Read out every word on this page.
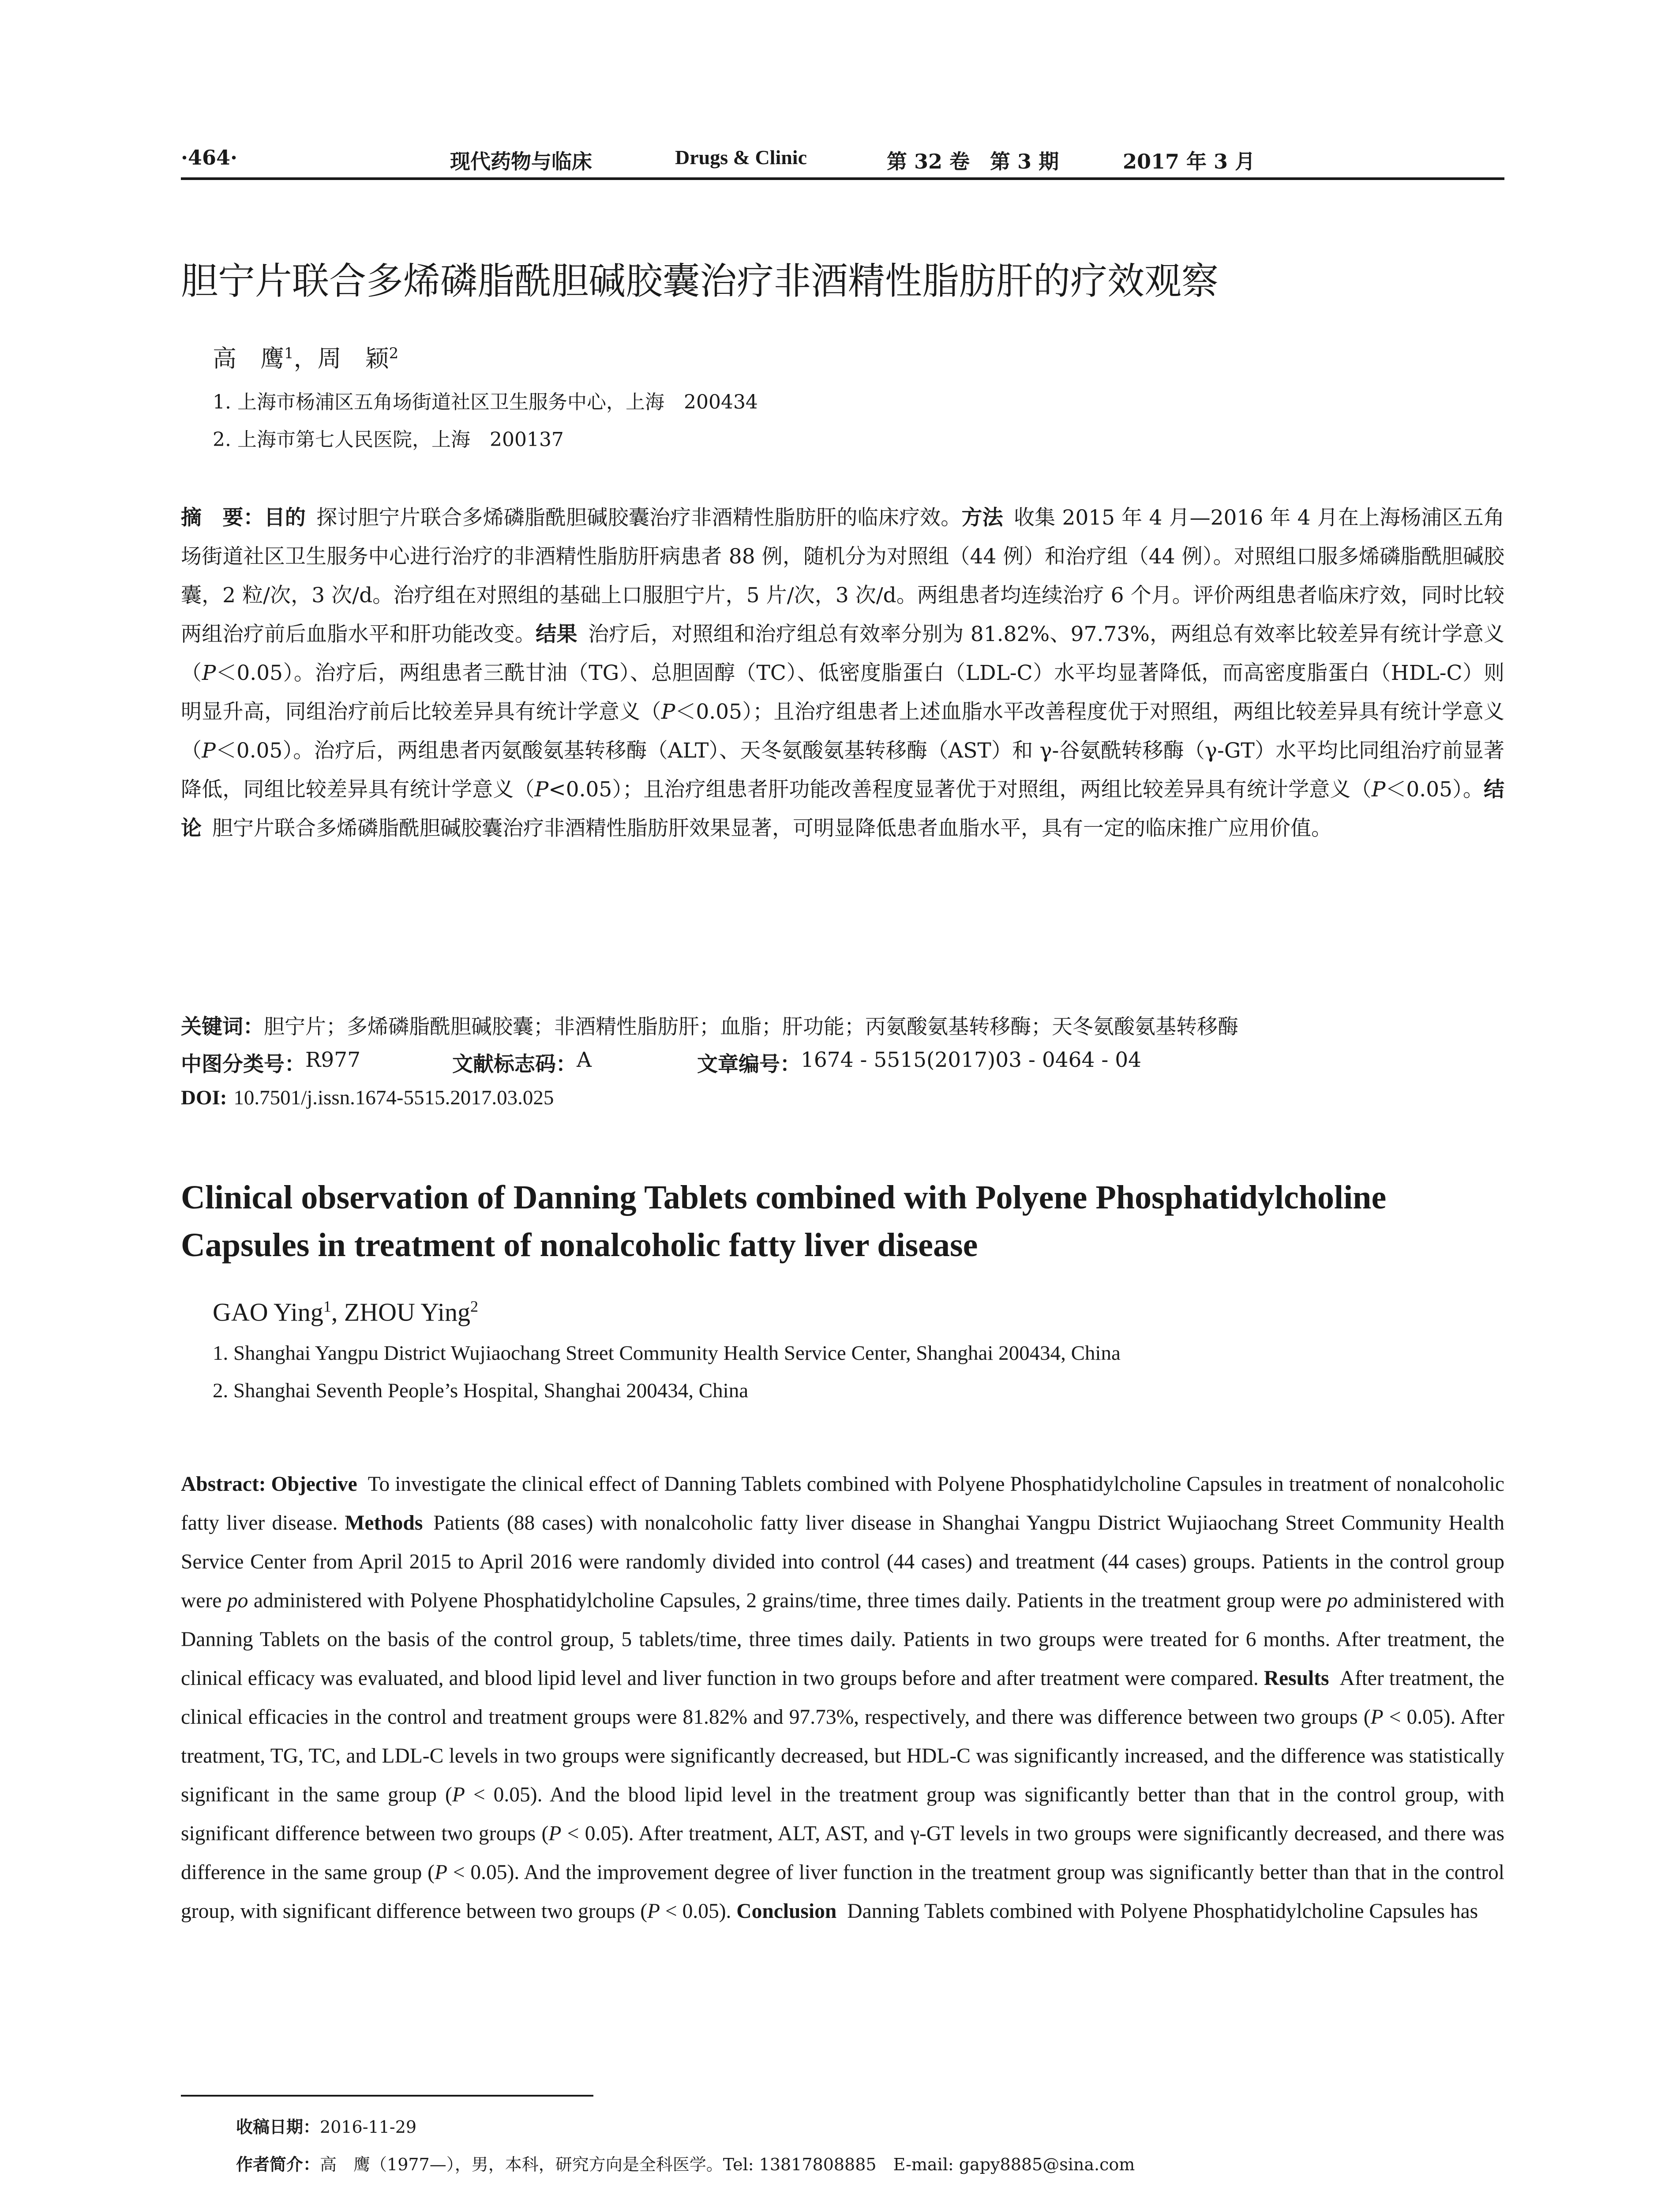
·464·	现代药物与临床	Drugs & Clinic	第 32 卷　第 3 期	2017 年 3 月
胆宁片联合多烯磷脂酰胆碱胶囊治疗非酒精性脂肪肝的疗效观察
高　鹰$^1$，周　颖$^2$
1. 上海市杨浦区五角场街道社区卫生服务中心，上海　200434
2. 上海市第七人民医院，上海　200137
摘　要：目的 探讨胆宁片联合多烯磷脂酰胆碱胶囊治疗非酒精性脂肪肝的临床疗效。方法 收集 2015 年 4 月—2016 年 4 月在上海杨浦区五角场街道社区卫生服务中心进行治疗的非酒精性脂肪肝病患者 88 例，随机分为对照组（44 例）和治疗组（44 例）。对照组口服多烯磷脂酰胆碱胶囊，2 粒/次，3 次/d。治疗组在对照组的基础上口服胆宁片，5 片/次，3 次/d。两组患者均连续治疗 6 个月。评价两组患者临床疗效，同时比较两组治疗前后血脂水平和肝功能改变。结果 治疗后，对照组和治疗组总有效率分别为 81.82%、97.73%，两组总有效率比较差异有统计学意义（P＜0.05）。治疗后，两组患者三酰甘油（TG）、总胆固醇（TC）、低密度脂蛋白（LDL-C）水平均显著降低，而高密度脂蛋白（HDL-C）则明显升高，同组治疗前后比较差异具有统计学意义（P＜0.05）；且治疗组患者上述血脂水平改善程度优于对照组，两组比较差异具有统计学意义（P＜0.05）。治疗后，两组患者丙氨酸氨基转移酶（ALT）、天冬氨酸氨基转移酶（AST）和 γ-谷氨酰转移酶（γ-GT）水平均比同组治疗前显著降低，同组比较差异具有统计学意义（P<0.05）；且治疗组患者肝功能改善程度显著优于对照组，两组比较差异具有统计学意义（P＜0.05）。结论 胆宁片联合多烯磷脂酰胆碱胶囊治疗非酒精性脂肪肝效果显著，可明显降低患者血脂水平，具有一定的临床推广应用价值。
关键词：胆宁片；多烯磷脂酰胆碱胶囊；非酒精性脂肪肝；血脂；肝功能；丙氨酸氨基转移酶；天冬氨酸氨基转移酶
中图分类号： R977	文献标志码： A	文章编号： 1674 - 5515(2017)03 - 0464 - 04
DOI: 10.7501/j.issn.1674-5515.2017.03.025
Clinical observation of Danning Tablets combined with Polyene Phosphatidylcholine Capsules in treatment of nonalcoholic fatty liver disease
GAO Ying$^1$, ZHOU Ying$^2$
1. Shanghai Yangpu District Wujiaochang Street Community Health Service Center, Shanghai 200434, China
2. Shanghai Seventh People’s Hospital, Shanghai 200434, China
Abstract: Objective To investigate the clinical effect of Danning Tablets combined with Polyene Phosphatidylcholine Capsules in treatment of nonalcoholic fatty liver disease. Methods Patients (88 cases) with nonalcoholic fatty liver disease in Shanghai Yangpu District Wujiaochang Street Community Health Service Center from April 2015 to April 2016 were randomly divided into control (44 cases) and treatment (44 cases) groups. Patients in the control group were po administered with Polyene Phosphatidylcholine Capsules, 2 grains/time, three times daily. Patients in the treatment group were po administered with Danning Tablets on the basis of the control group, 5 tablets/time, three times daily. Patients in two groups were treated for 6 months. After treatment, the clinical efficacy was evaluated, and blood lipid level and liver function in two groups before and after treatment were compared. Results After treatment, the clinical efficacies in the control and treatment groups were 81.82% and 97.73%, respectively, and there was difference between two groups (P < 0.05). After treatment, TG, TC, and LDL-C levels in two groups were significantly decreased, but HDL-C was significantly increased, and the difference was statistically significant in the same group (P < 0.05). And the blood lipid level in the treatment group was significantly better than that in the control group, with significant difference between two groups (P < 0.05). After treatment, ALT, AST, and γ-GT levels in two groups were significantly decreased, and there was difference in the same group (P < 0.05). And the improvement degree of liver function in the treatment group was significantly better than that in the control group, with significant difference between two groups (P < 0.05). Conclusion Danning Tablets combined with Polyene Phosphatidylcholine Capsules has
收稿日期：2016-11-29
作者简介：高　鹰（1977—），男，本科，研究方向是全科医学。Tel: 13817808885　E-mail: gapy8885@sina.com
